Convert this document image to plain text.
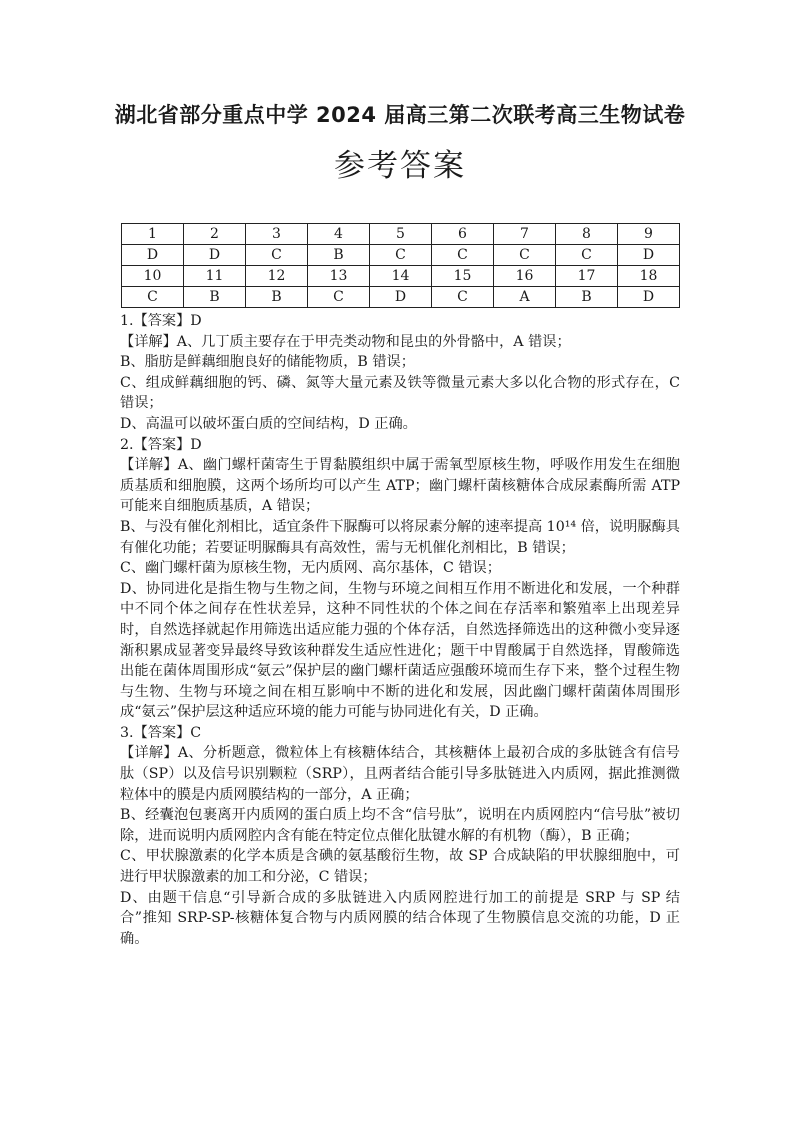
湖北省部分重点中学 2024 届高三第二次联考高三生物试卷
参考答案
1	2	3	4	5	6	7	8	9
D	D	C	B	C	C	C	C	D
10	11	12	13	14	15	16	17	18
C	B	B	C	D	C	A	B	D

1.【答案】D

【详解】A、几丁质主要存在于甲壳类动物和昆虫的外骨骼中，A 错误；

B、脂肪是鲜藕细胞良好的储能物质，B 错误；

C、组成鲜藕细胞的钙、磷、氮等大量元素及铁等微量元素大多以化合物的形式存在，C 错误；

D、高温可以破坏蛋白质的空间结构，D 正确。

2.【答案】D

【详解】A、幽门螺杆菌寄生于胃黏膜组织中属于需氧型原核生物，呼吸作用发生在细胞质基质和细胞膜，这两个场所均可以产生 ATP；幽门螺杆菌核糖体合成尿素酶所需 ATP 可能来自细胞质基质，A 错误；

B、与没有催化剂相比，适宜条件下脲酶可以将尿素分解的速率提高 10¹⁴ 倍，说明脲酶具有催化功能；若要证明脲酶具有高效性，需与无机催化剂相比，B 错误；

C、幽门螺杆菌为原核生物，无内质网、高尔基体，C 错误；

D、协同进化是指生物与生物之间，生物与环境之间相互作用不断进化和发展，一个种群中不同个体之间存在性状差异，这种不同性状的个体之间在存活率和繁殖率上出现差异时，自然选择就起作用筛选出适应能力强的个体存活，自然选择筛选出的这种微小变异逐渐积累成显著变异最终导致该种群发生适应性进化；题干中胃酸属于自然选择，胃酸筛选出能在菌体周围形成“氨云”保护层的幽门螺杆菌适应强酸环境而生存下来，整个过程生物与生物、生物与环境之间在相互影响中不断的进化和发展，因此幽门螺杆菌菌体周围形成“氨云”保护层这种适应环境的能力可能与协同进化有关，D 正确。

3.【答案】C

【详解】A、分析题意，微粒体上有核糖体结合，其核糖体上最初合成的多肽链含有信号肽（SP）以及信号识别颗粒（SRP），且两者结合能引导多肽链进入内质网，据此推测微粒体中的膜是内质网膜结构的一部分，A 正确；

B、经囊泡包裹离开内质网的蛋白质上均不含“信号肽”，说明在内质网腔内“信号肽”被切除，进而说明内质网腔内含有能在特定位点催化肽键水解的有机物（酶），B 正确；

C、甲状腺激素的化学本质是含碘的氨基酸衍生物，故 SP 合成缺陷的甲状腺细胞中，可进行甲状腺激素的加工和分泌，C 错误；

D、由题干信息“引导新合成的多肽链进入内质网腔进行加工的前提是 SRP 与 SP 结合”推知 SRP-SP-核糖体复合物与内质网膜的结合体现了生物膜信息交流的功能，D 正确。
